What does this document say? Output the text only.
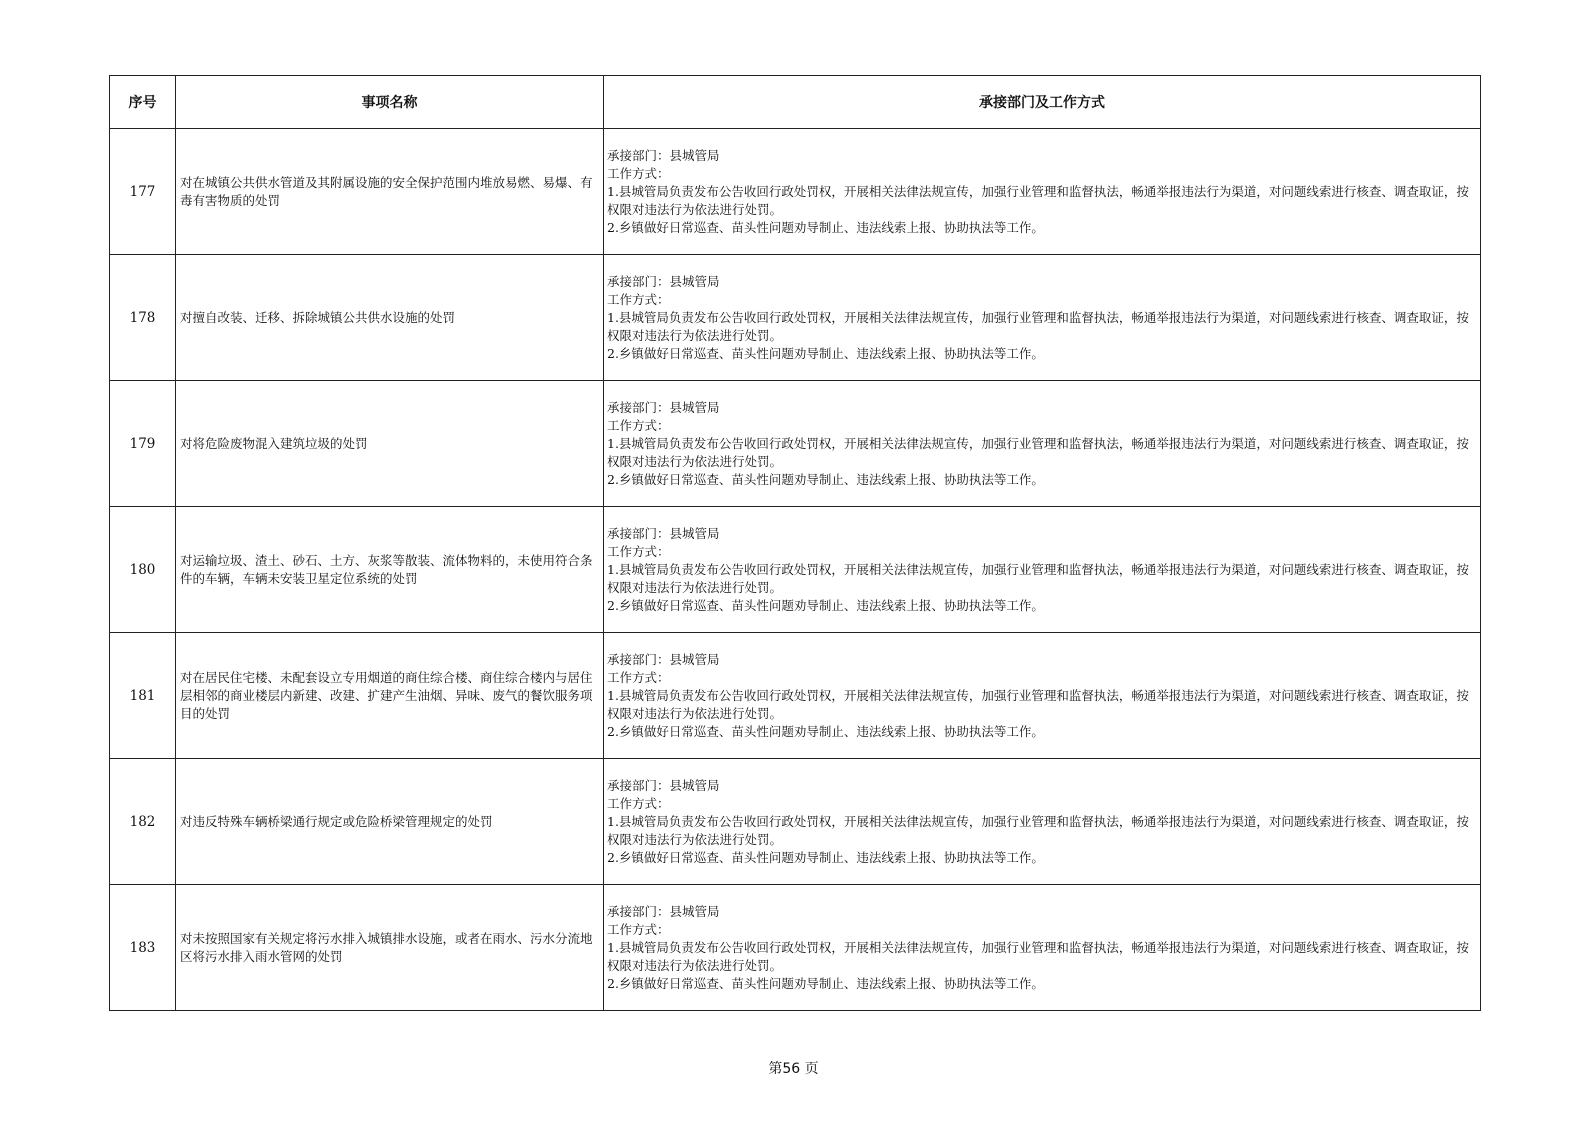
序号	事项名称	承接部门及工作方式
177	对在城镇公共供水管道及其附属设施的安全保护范围内堆放易燃、易爆、有毒有害物质的处罚	承接部门：县城管局
工作方式：
1.县城管局负责发布公告收回行政处罚权，开展相关法律法规宣传，加强行业管理和监督执法，畅通举报违法行为渠道，对问题线索进行核查、调查取证，按权限对违法行为依法进行处罚。
2.乡镇做好日常巡查、苗头性问题劝导制止、违法线索上报、协助执法等工作。

178	对擅自改装、迁移、拆除城镇公共供水设施的处罚	承接部门：县城管局
工作方式：
1.县城管局负责发布公告收回行政处罚权，开展相关法律法规宣传，加强行业管理和监督执法，畅通举报违法行为渠道，对问题线索进行核查、调查取证，按权限对违法行为依法进行处罚。
2.乡镇做好日常巡查、苗头性问题劝导制止、违法线索上报、协助执法等工作。

179	对将危险废物混入建筑垃圾的处罚	承接部门：县城管局
工作方式：
1.县城管局负责发布公告收回行政处罚权，开展相关法律法规宣传，加强行业管理和监督执法，畅通举报违法行为渠道，对问题线索进行核查、调查取证，按权限对违法行为依法进行处罚。
2.乡镇做好日常巡查、苗头性问题劝导制止、违法线索上报、协助执法等工作。

180	对运输垃圾、渣土、砂石、土方、灰浆等散装、流体物料的，未使用符合条件的车辆，车辆未安装卫星定位系统的处罚	承接部门：县城管局
工作方式：
1.县城管局负责发布公告收回行政处罚权，开展相关法律法规宣传，加强行业管理和监督执法，畅通举报违法行为渠道，对问题线索进行核查、调查取证，按权限对违法行为依法进行处罚。
2.乡镇做好日常巡查、苗头性问题劝导制止、违法线索上报、协助执法等工作。

181	对在居民住宅楼、未配套设立专用烟道的商住综合楼、商住综合楼内与居住层相邻的商业楼层内新建、改建、扩建产生油烟、异味、废气的餐饮服务项目的处罚	承接部门：县城管局
工作方式：
1.县城管局负责发布公告收回行政处罚权，开展相关法律法规宣传，加强行业管理和监督执法，畅通举报违法行为渠道，对问题线索进行核查、调查取证，按权限对违法行为依法进行处罚。
2.乡镇做好日常巡查、苗头性问题劝导制止、违法线索上报、协助执法等工作。

182	对违反特殊车辆桥梁通行规定或危险桥梁管理规定的处罚	承接部门：县城管局
工作方式：
1.县城管局负责发布公告收回行政处罚权，开展相关法律法规宣传，加强行业管理和监督执法，畅通举报违法行为渠道，对问题线索进行核查、调查取证，按权限对违法行为依法进行处罚。
2.乡镇做好日常巡查、苗头性问题劝导制止、违法线索上报、协助执法等工作。

183	对未按照国家有关规定将污水排入城镇排水设施，或者在雨水、污水分流地区将污水排入雨水管网的处罚	承接部门：县城管局
工作方式：
1.县城管局负责发布公告收回行政处罚权，开展相关法律法规宣传，加强行业管理和监督执法，畅通举报违法行为渠道，对问题线索进行核查、调查取证，按权限对违法行为依法进行处罚。
2.乡镇做好日常巡查、苗头性问题劝导制止、违法线索上报、协助执法等工作。
第56 页
